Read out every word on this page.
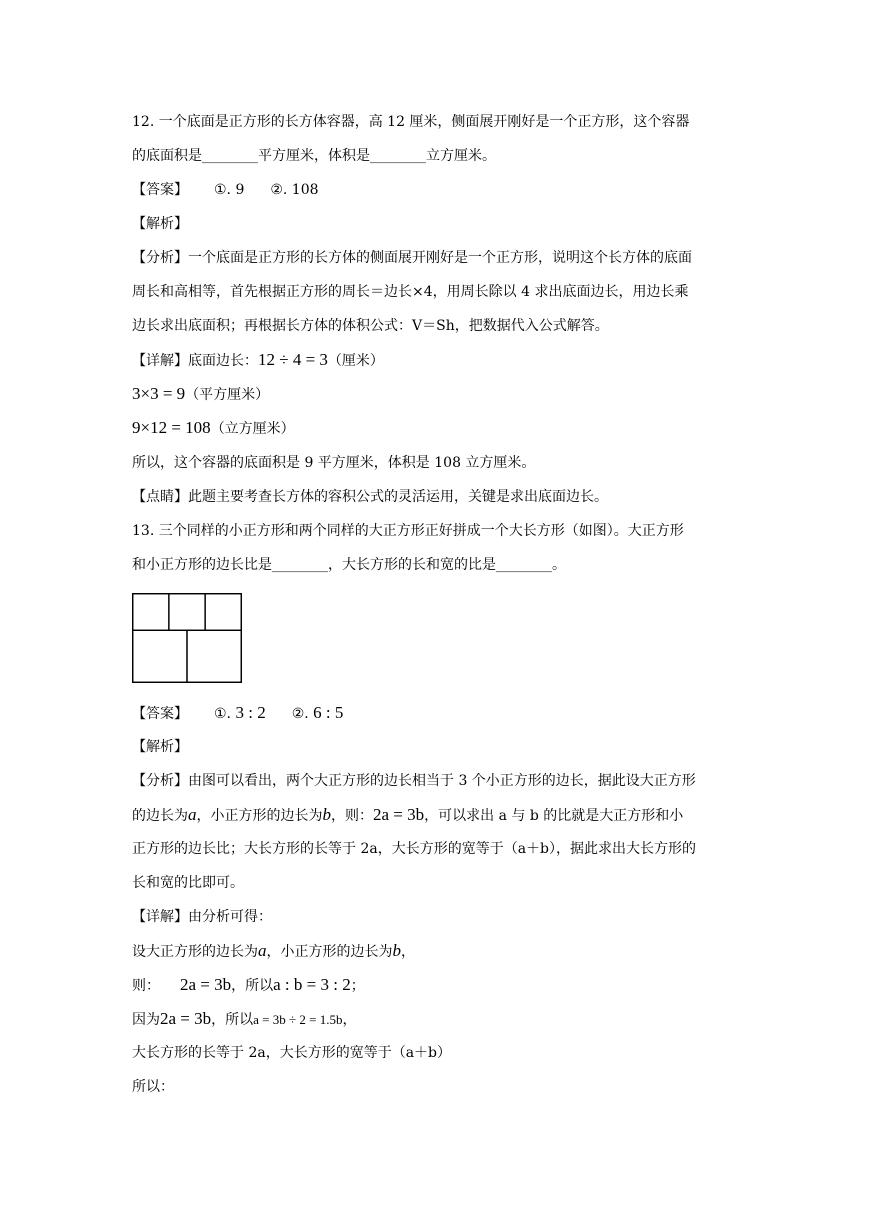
12. 一个底面是正方形的长方体容器，高 12 厘米，侧面展开刚好是一个正方形，这个容器
的底面积是________平方厘米，体积是________立方厘米。
【答案】 ①. 9 ②. 108
【解析】
【分析】一个底面是正方形的长方体的侧面展开刚好是一个正方形，说明这个长方体的底面
周长和高相等，首先根据正方形的周长＝边长×4，用周长除以 4 求出底面边长，用边长乘
边长求出底面积；再根据长方体的体积公式：V＝Sh，把数据代入公式解答。
【详解】底面边长：12 ÷ 4 = 3（厘米）
3×3 = 9（平方厘米）
9×12 = 108（立方厘米）
所以，这个容器的底面积是 9 平方厘米，体积是 108 立方厘米。
【点睛】此题主要考查长方体的容积公式的灵活运用，关键是求出底面边长。
13. 三个同样的小正方形和两个同样的大正方形正好拼成一个大长方形（如图）。大正方形
和小正方形的边长比是________，大长方形的长和宽的比是________。
【答案】 ①. 3 : 2 ②. 6 : 5
【解析】
【分析】由图可以看出，两个大正方形的边长相当于 3 个小正方形的边长，据此设大正方形
的边长为a，小正方形的边长为b，则：2a = 3b，可以求出 a 与 b 的比就是大正方形和小
正方形的边长比；大长方形的长等于 2a，大长方形的宽等于（a＋b），据此求出大长方形的
长和宽的比即可。
【详解】由分析可得：
设大正方形的边长为a，小正方形的边长为b，
则： 2a = 3b，所以a : b = 3 : 2；
因为2a = 3b，所以a = 3b ÷ 2 = 1.5b，
大长方形的长等于 2a，大长方形的宽等于（a＋b）
所以：
